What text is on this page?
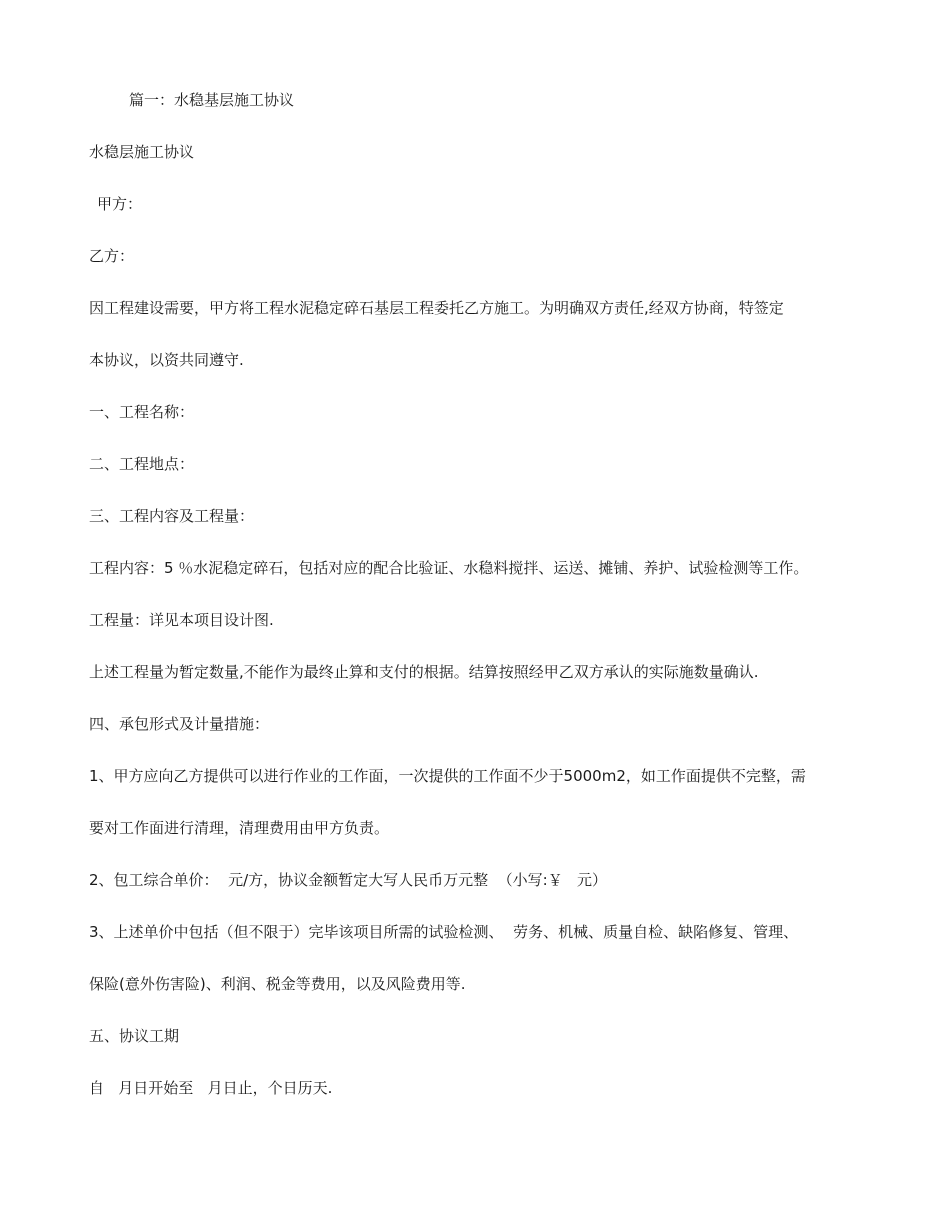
篇一：水稳基层施工协议
水稳层施工协议
甲方：
乙方：
因工程建设需要，甲方将工程水泥稳定碎石基层工程委托乙方施工。为明确双方责任,经双方协商，特签定
本协议，以资共同遵守.
一、工程名称：
二、工程地点：
三、工程内容及工程量：
工程内容：5 ％水泥稳定碎石，包括对应的配合比验证、水稳料搅拌、运送、摊铺、养护、试验检测等工作。
工程量：详见本项目设计图.
上述工程量为暂定数量,不能作为最终止算和支付的根据。结算按照经甲乙双方承认的实际施数量确认.
四、承包形式及计量措施：
1、甲方应向乙方提供可以进行作业的工作面，一次提供的工作面不少于5000m2，如工作面提供不完整，需
要对工作面进行清理，清理费用由甲方负责。
2、包工综合单价：  元/方，协议金额暂定大写人民币万元整  （小写:￥   元）
3、上述单价中包括（但不限于）完毕该项目所需的试验检测、  劳务、机械、质量自检、缺陷修复、管理、
保险(意外伤害险)、利润、税金等费用，以及风险费用等.
五、协议工期
自   月日开始至   月日止，个日历天.
